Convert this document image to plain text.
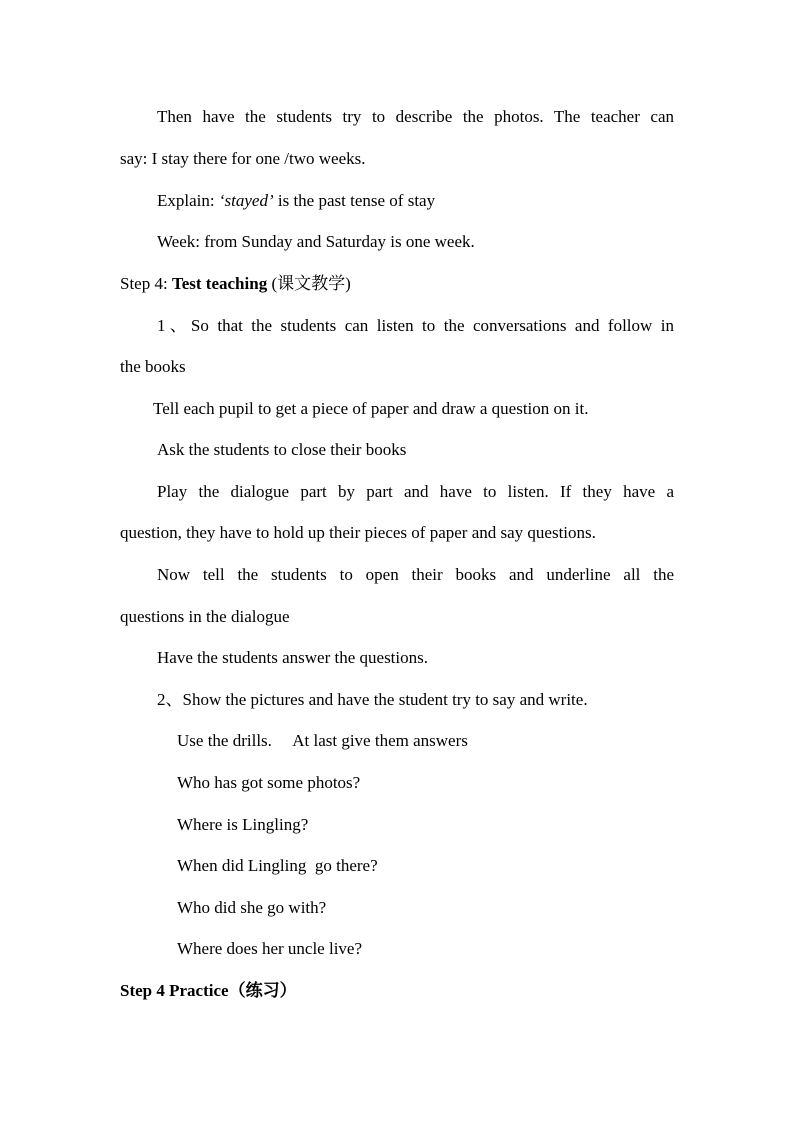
Then have the students try to describe the photos. The teacher can
say: I stay there for one /two weeks.
Explain: ‘stayed’ is the past tense of stay
Week: from Sunday and Saturday is one week.
Step 4: Test teaching (课文教学)
1、So that the students can listen to the conversations and follow in
the books
Tell each pupil to get a piece of paper and draw a question on it.
Ask the students to close their books
Play the dialogue part by part and have to listen. If they have a
question, they have to hold up their pieces of paper and say questions.
Now tell the students to open their books and underline all the
questions in the dialogue
Have the students answer the questions.
2、Show the pictures and have the student try to say and write.
Use the drills.     At last give them answers
Who has got some photos?
Where is Lingling?
When did Lingling  go there?
Who did she go with?
Where does her uncle live?
Step 4 Practice（练习）
